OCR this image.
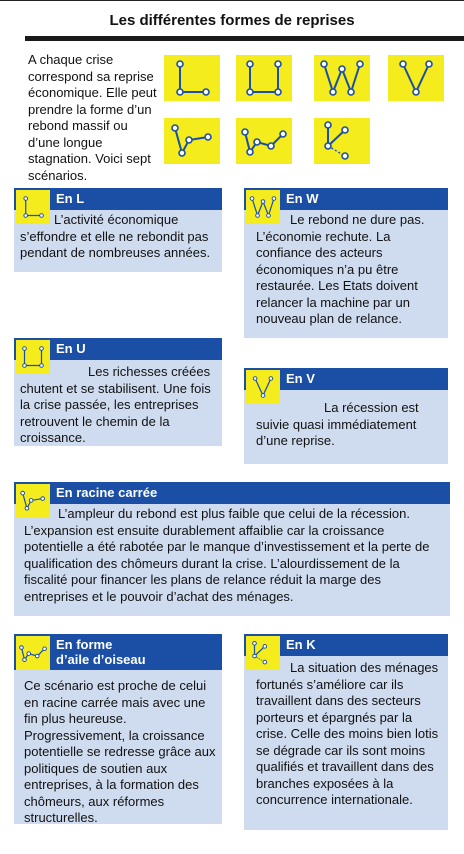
Les différentes formes de reprises
A chaque crise correspond sa reprise économique. Elle peut prendre la forme d’un rebond massif ou d’une longue stagnation. Voici sept scénarios.
En L
L’activité économique s’effondre et elle ne rebondit pas pendant de nombreuses années.
En W
Le rebond ne dure pas. L’économie rechute. La confiance des acteurs économiques n’a pu être restaurée. Les Etats doivent relancer la machine par un nouveau plan de relance.
En U
Les richesses créées chutent et se stabilisent. Une fois la crise passée, les entreprises retrouvent le chemin de la croissance.
En V
La récession est suivie quasi immédiatement d’une reprise.
En racine carrée
L’ampleur du rebond est plus faible que celui de la récession. L’expansion est ensuite durablement affaiblie car la croissance potentielle a été rabotée par le manque d’investissement et la perte de qualification des chômeurs durant la crise. L’alourdissement de la fiscalité pour financer les plans de relance réduit la marge des entreprises et le pouvoir d’achat des ménages.
En forme
d’aile d’oiseau
Ce scénario est proche de celui en racine carrée mais avec une fin plus heureuse. Progressivement, la croissance potentielle se redresse grâce aux politiques de soutien aux entreprises, à la formation des chômeurs, aux réformes structurelles.
En K
La situation des ménages fortunés s’améliore car ils travaillent dans des secteurs porteurs et épargnés par la crise. Celle des moins bien lotis se dégrade car ils sont moins qualifiés et travaillent dans des branches exposées à la concurrence internationale.
